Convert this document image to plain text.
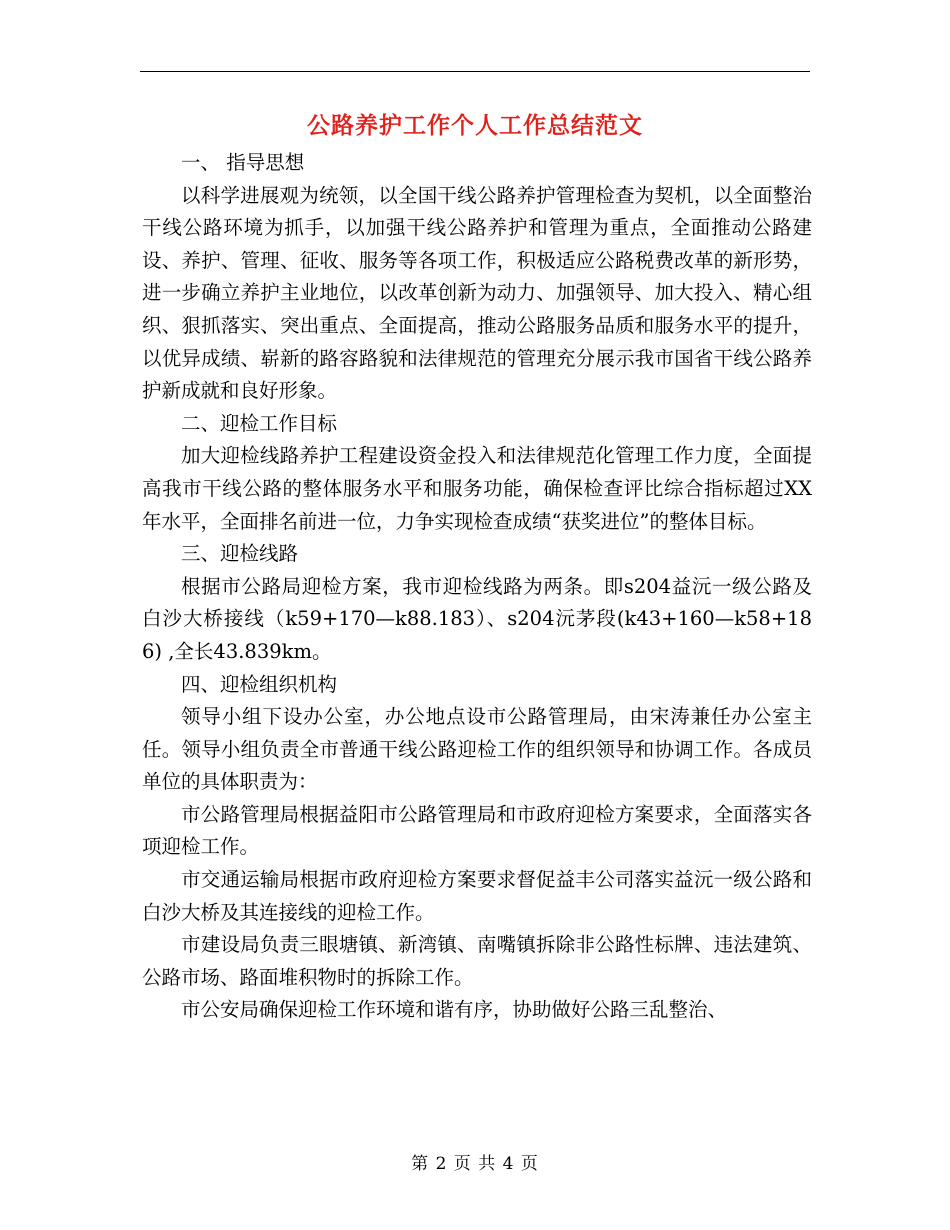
公路养护工作个人工作总结范文

一、 指导思想

以科学进展观为统领，以全国干线公路养护管理检查为契机，以全面整治干线公路环境为抓手，以加强干线公路养护和管理为重点，全面推动公路建设、养护、管理、征收、服务等各项工作，积极适应公路税费改革的新形势，进一步确立养护主业地位，以改革创新为动力、加强领导、加大投入、精心组织、狠抓落实、突出重点、全面提高，推动公路服务品质和服务水平的提升，以优异成绩、崭新的路容路貌和法律规范的管理充分展示我市国省干线公路养护新成就和良好形象。

二、迎检工作目标

加大迎检线路养护工程建设资金投入和法律规范化管理工作力度，全面提高我市干线公路的整体服务水平和服务功能，确保检查评比综合指标超过XX年水平，全面排名前进一位，力争实现检查成绩“获奖进位”的整体目标。

三、迎检线路

根据市公路局迎检方案，我市迎检线路为两条。即s204益沅一级公路及白沙大桥接线（k59+170—k88.183）、s204沅茅段(k43+160—k58+186) ,全长43.839km。

四、迎检组织机构

领导小组下设办公室，办公地点设市公路管理局，由宋涛兼任办公室主任。领导小组负责全市普通干线公路迎检工作的组织领导和协调工作。各成员单位的具体职责为：

市公路管理局根据益阳市公路管理局和市政府迎检方案要求，全面落实各项迎检工作。

市交通运输局根据市政府迎检方案要求督促益丰公司落实益沅一级公路和白沙大桥及其连接线的迎检工作。

市建设局负责三眼塘镇、新湾镇、南嘴镇拆除非公路性标牌、违法建筑、公路市场、路面堆积物时的拆除工作。

市公安局确保迎检工作环境和谐有序，协助做好公路三乱整治、

第 2 页 共 4 页
